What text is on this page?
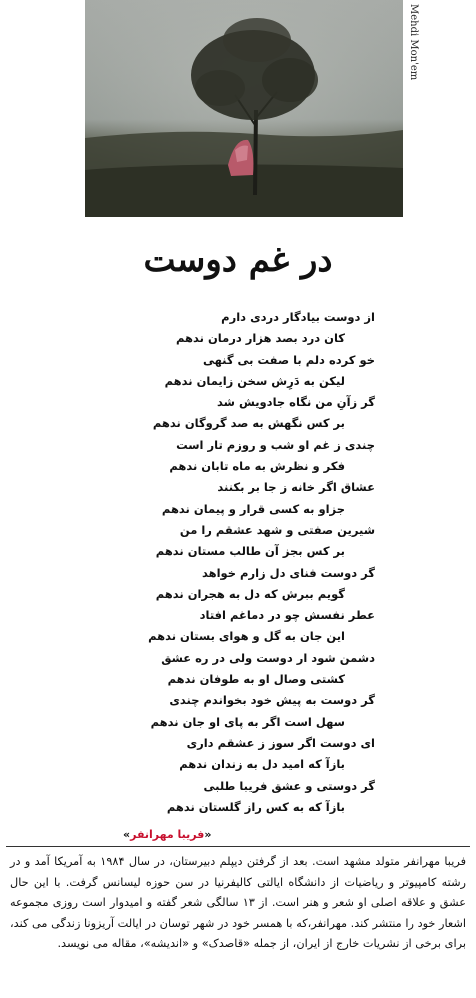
Mehdi Mon'em
در غم دوست
از دوست بیادگار دردی دارم
کان درد بصد هزار درمان ندهم
خو کرده دلم با صفت بی گنهی
لیکن به دَرِش سخن زایمان ندهم
گر زآنِ من نگاه جادویش شد
بر کس نگهش به صد گروگان ندهم
چندی ز غم او شب و روزم تار است
فکر و نظرش به ماه تابان ندهم
عشاق اگر خانه ز جا بر بکنند
جزاو به کسی قرار و پیمان ندهم
شیرین صفتی و شهد عشقم را من
بر کس بجز آن طالب مستان ندهم
گر دوست فنای دل زارم خواهد
گویم ببرش که دل به هجران ندهم
عطر نفسش چو در دماغم افتاد
این جان به گل و هوای بستان ندهم
دشمن شود ار دوست ولی در ره عشق
کشتی وصال او به طوفان ندهم
گر دوست به پیش خود بخواندم چندی
سهل است اگر به پای او جان ندهم
ای دوست اگر سوز ز عشقم داری
بازآ که امید دل به زندان ندهم
گر دوستی و عشق فریبا طلبی
بازآ که به کس راز گلستان ندهم
«فریبا مهرانفر»
فریبا مهرانفر متولد مشهد است. بعد از گرفتن دیپلم دبیرستان، در سال ۱۹۸۴ به آمریکا آمد و در رشته کامپیوتر و ریاضیات از دانشگاه ایالتی کالیفرنیا در سن حوزه لیسانس گرفت. با این حال عشق و علاقه اصلی او شعر و هنر است. از ۱۳ سالگی شعر گفته و امیدوار است روزی مجموعه اشعار خود را منتشر کند. مهرانفر،که با همسر خود در شهر توسان در ایالت آریزونا زندگی می کند، برای برخی از نشریات خارج از ایران، از جمله «قاصدک» و «اندیشه»، مقاله می نویسد.
